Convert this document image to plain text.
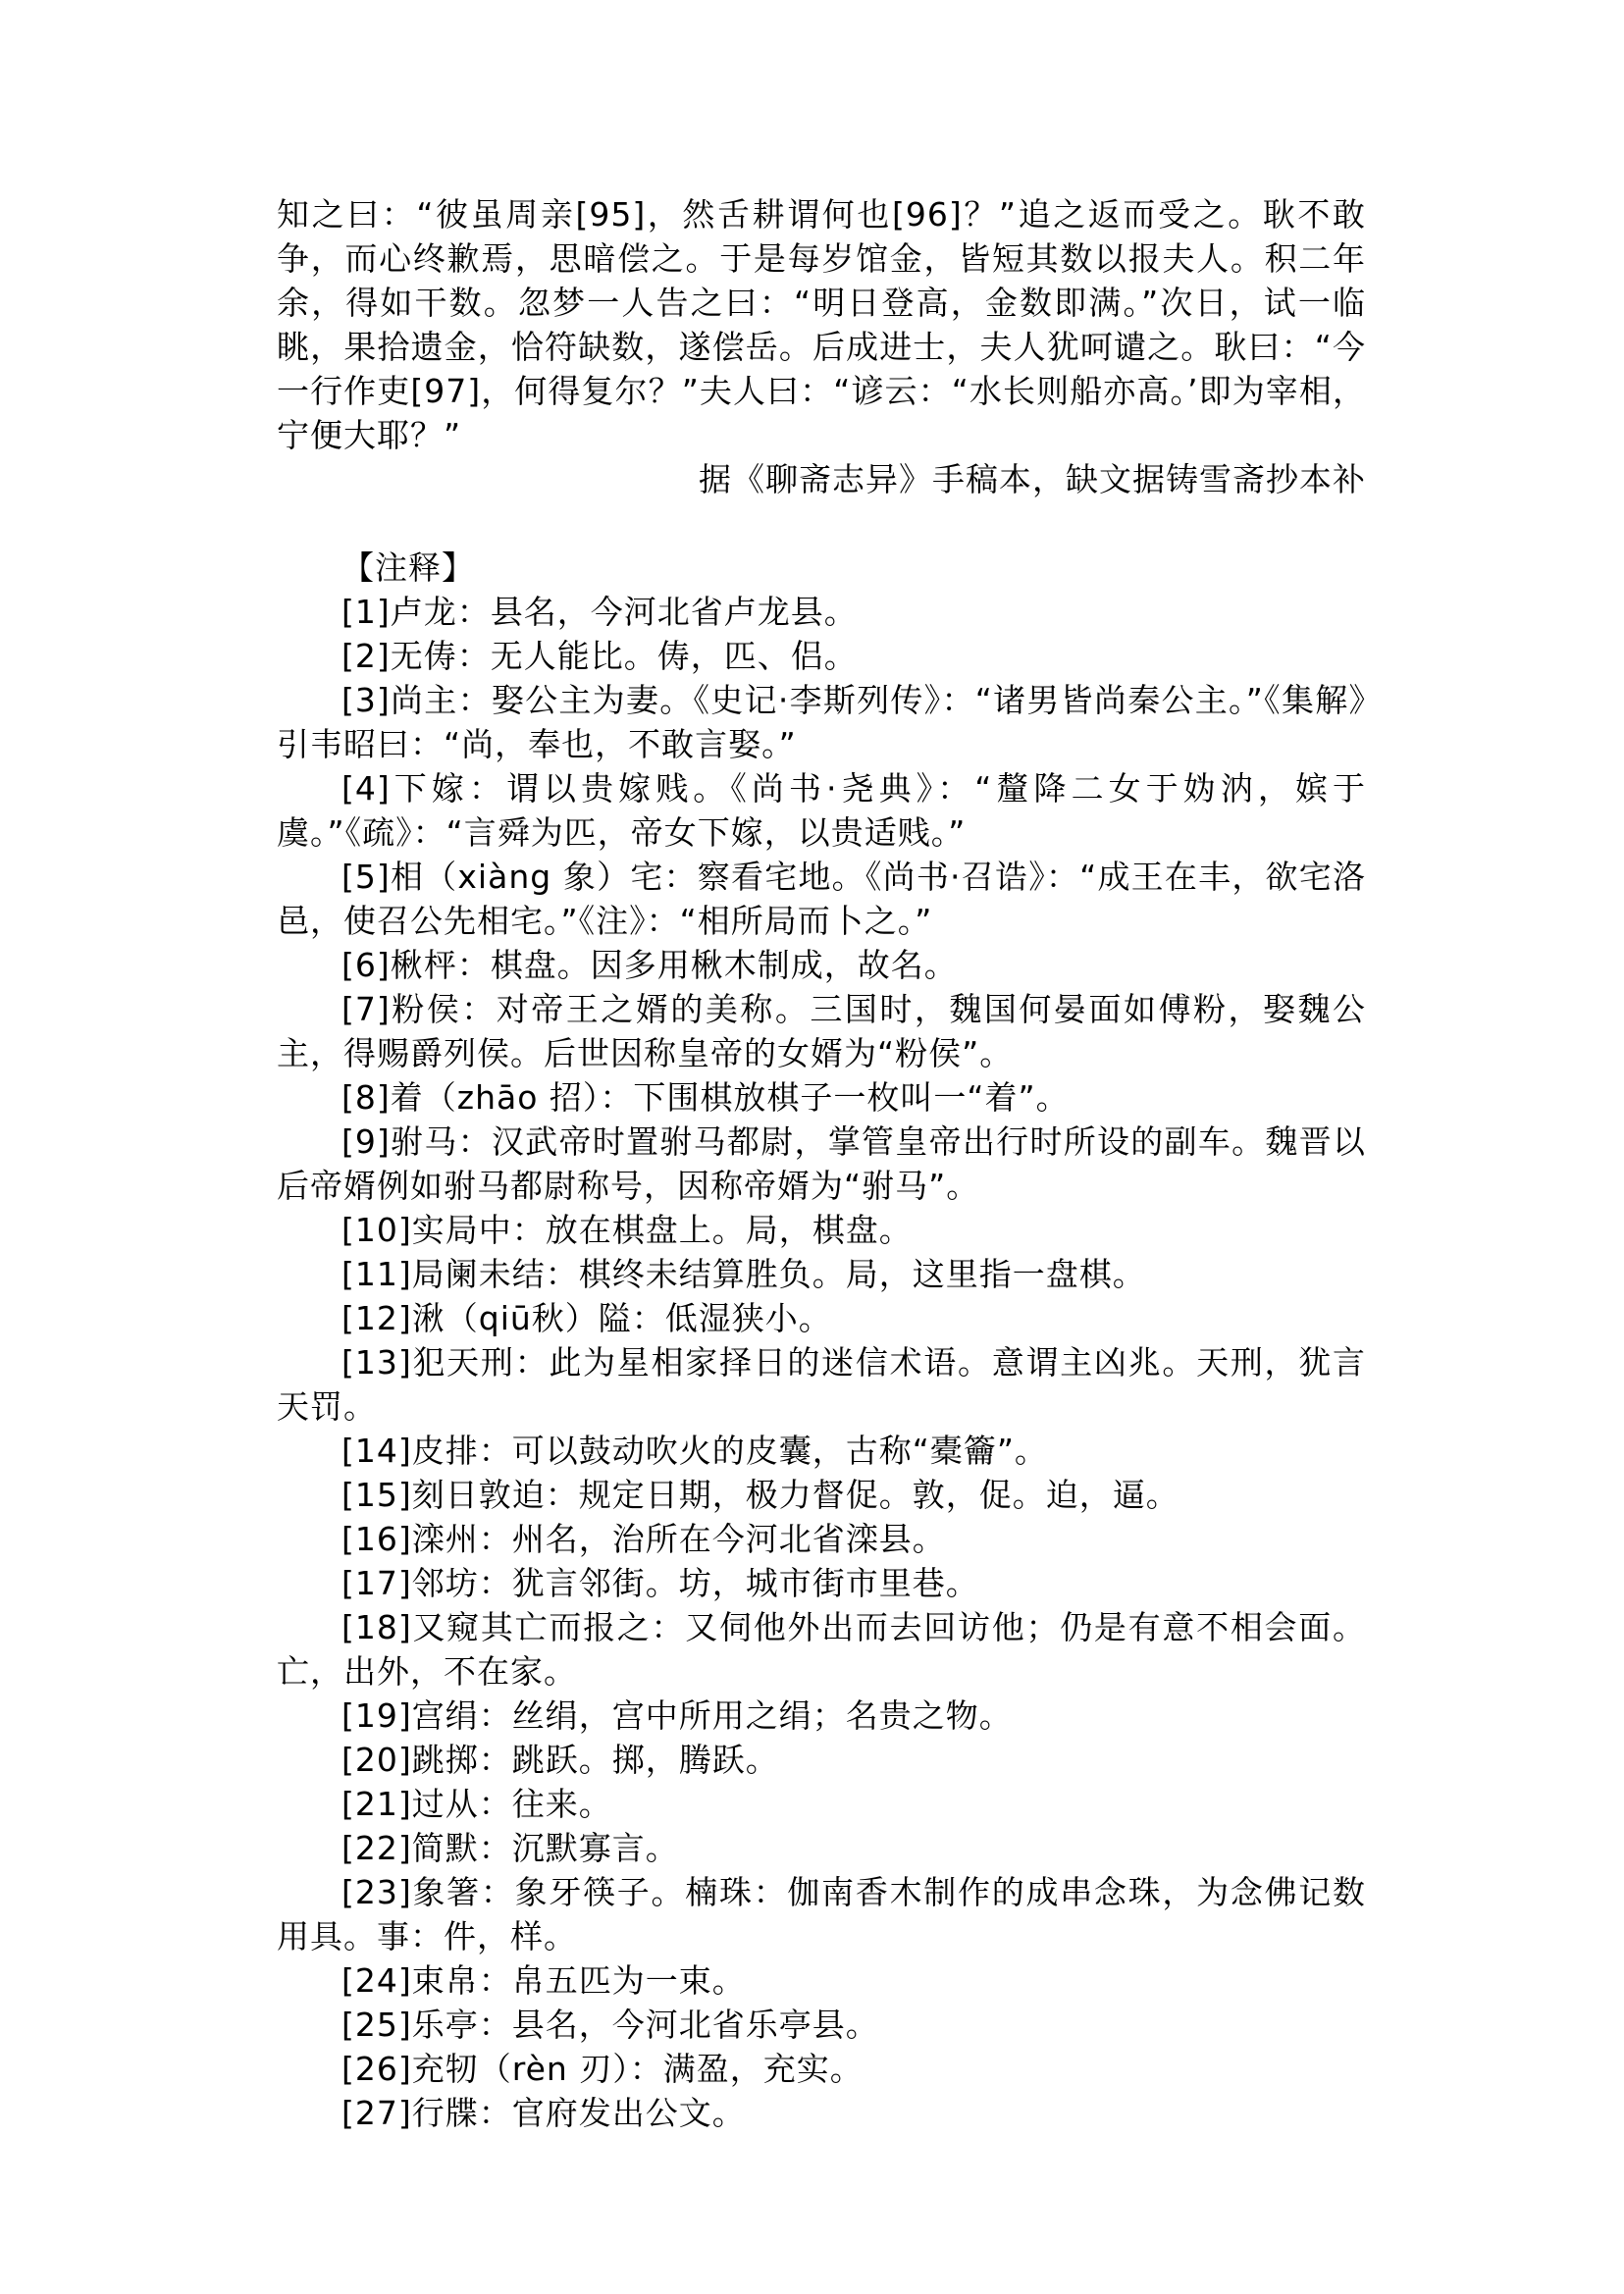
知之曰：“彼虽周亲[95]，然舌耕谓何也[96]？”追之返而受之。耿不敢争，而心终歉焉，思暗偿之。于是每岁馆金，皆短其数以报夫人。积二年余，得如干数。忽梦一人告之曰：“明日登高，金数即满。”次日，试一临眺，果拾遗金，恰符缺数，遂偿岳。后成进士，夫人犹呵谴之。耿曰：“今一行作吏[97]，何得复尔？”夫人曰：“谚云：“水长则船亦高。’即为宰相，宁便大耶？”

据《聊斋志异》手稿本，缺文据铸雪斋抄本补

【注释】

[1]卢龙：县名，今河北省卢龙县。
[2]无俦：无人能比。俦，匹、侣。
[3]尚主：娶公主为妻。《史记·李斯列传》：“诸男皆尚秦公主。”《集解》引韦昭曰：“尚，奉也，不敢言娶。”
[4]下嫁：谓以贵嫁贱。《尚书·尧典》：“釐降二女于妫汭，嫔于虞。”《疏》：“言舜为匹，帝女下嫁，以贵适贱。”
[5]相（xiàng 象）宅：察看宅地。《尚书·召诰》：“成王在丰，欲宅洛邑，使召公先相宅。”《注》：“相所局而卜之。”
[6]楸枰：棋盘。因多用楸木制成，故名。
[7]粉侯：对帝王之婿的美称。三国时，魏国何晏面如傅粉，娶魏公主，得赐爵列侯。后世因称皇帝的女婿为“粉侯”。
[8]着（zhāo 招）：下围棋放棋子一枚叫一“着”。
[9]驸马：汉武帝时置驸马都尉，掌管皇帝出行时所设的副车。魏晋以后帝婿例如驸马都尉称号，因称帝婿为“驸马”。
[10]实局中：放在棋盘上。局，棋盘。
[11]局阑未结：棋终未结算胜负。局，这里指一盘棋。
[12]湫（qiū秋）隘：低湿狭小。
[13]犯天刑：此为星相家择日的迷信术语。意谓主凶兆。天刑，犹言天罚。
[14]皮排：可以鼓动吹火的皮囊，古称“橐籥”。
[15]刻日敦迫：规定日期，极力督促。敦，促。迫，逼。
[16]滦州：州名，治所在今河北省滦县。
[17]邻坊：犹言邻街。坊，城市街市里巷。
[18]又窥其亡而报之：又伺他外出而去回访他；仍是有意不相会面。亡，出外，不在家。
[19]宫绢：丝绢，宫中所用之绢；名贵之物。
[20]跳掷：跳跃。掷，腾跃。
[21]过从：往来。
[22]简默：沉默寡言。
[23]象箸：象牙筷子。楠珠：伽南香木制作的成串念珠，为念佛记数用具。事：件，样。
[24]束帛：帛五匹为一束。
[25]乐亭：县名，今河北省乐亭县。
[26]充牣（rèn 刃）：满盈，充实。
[27]行牒：官府发出公文。
